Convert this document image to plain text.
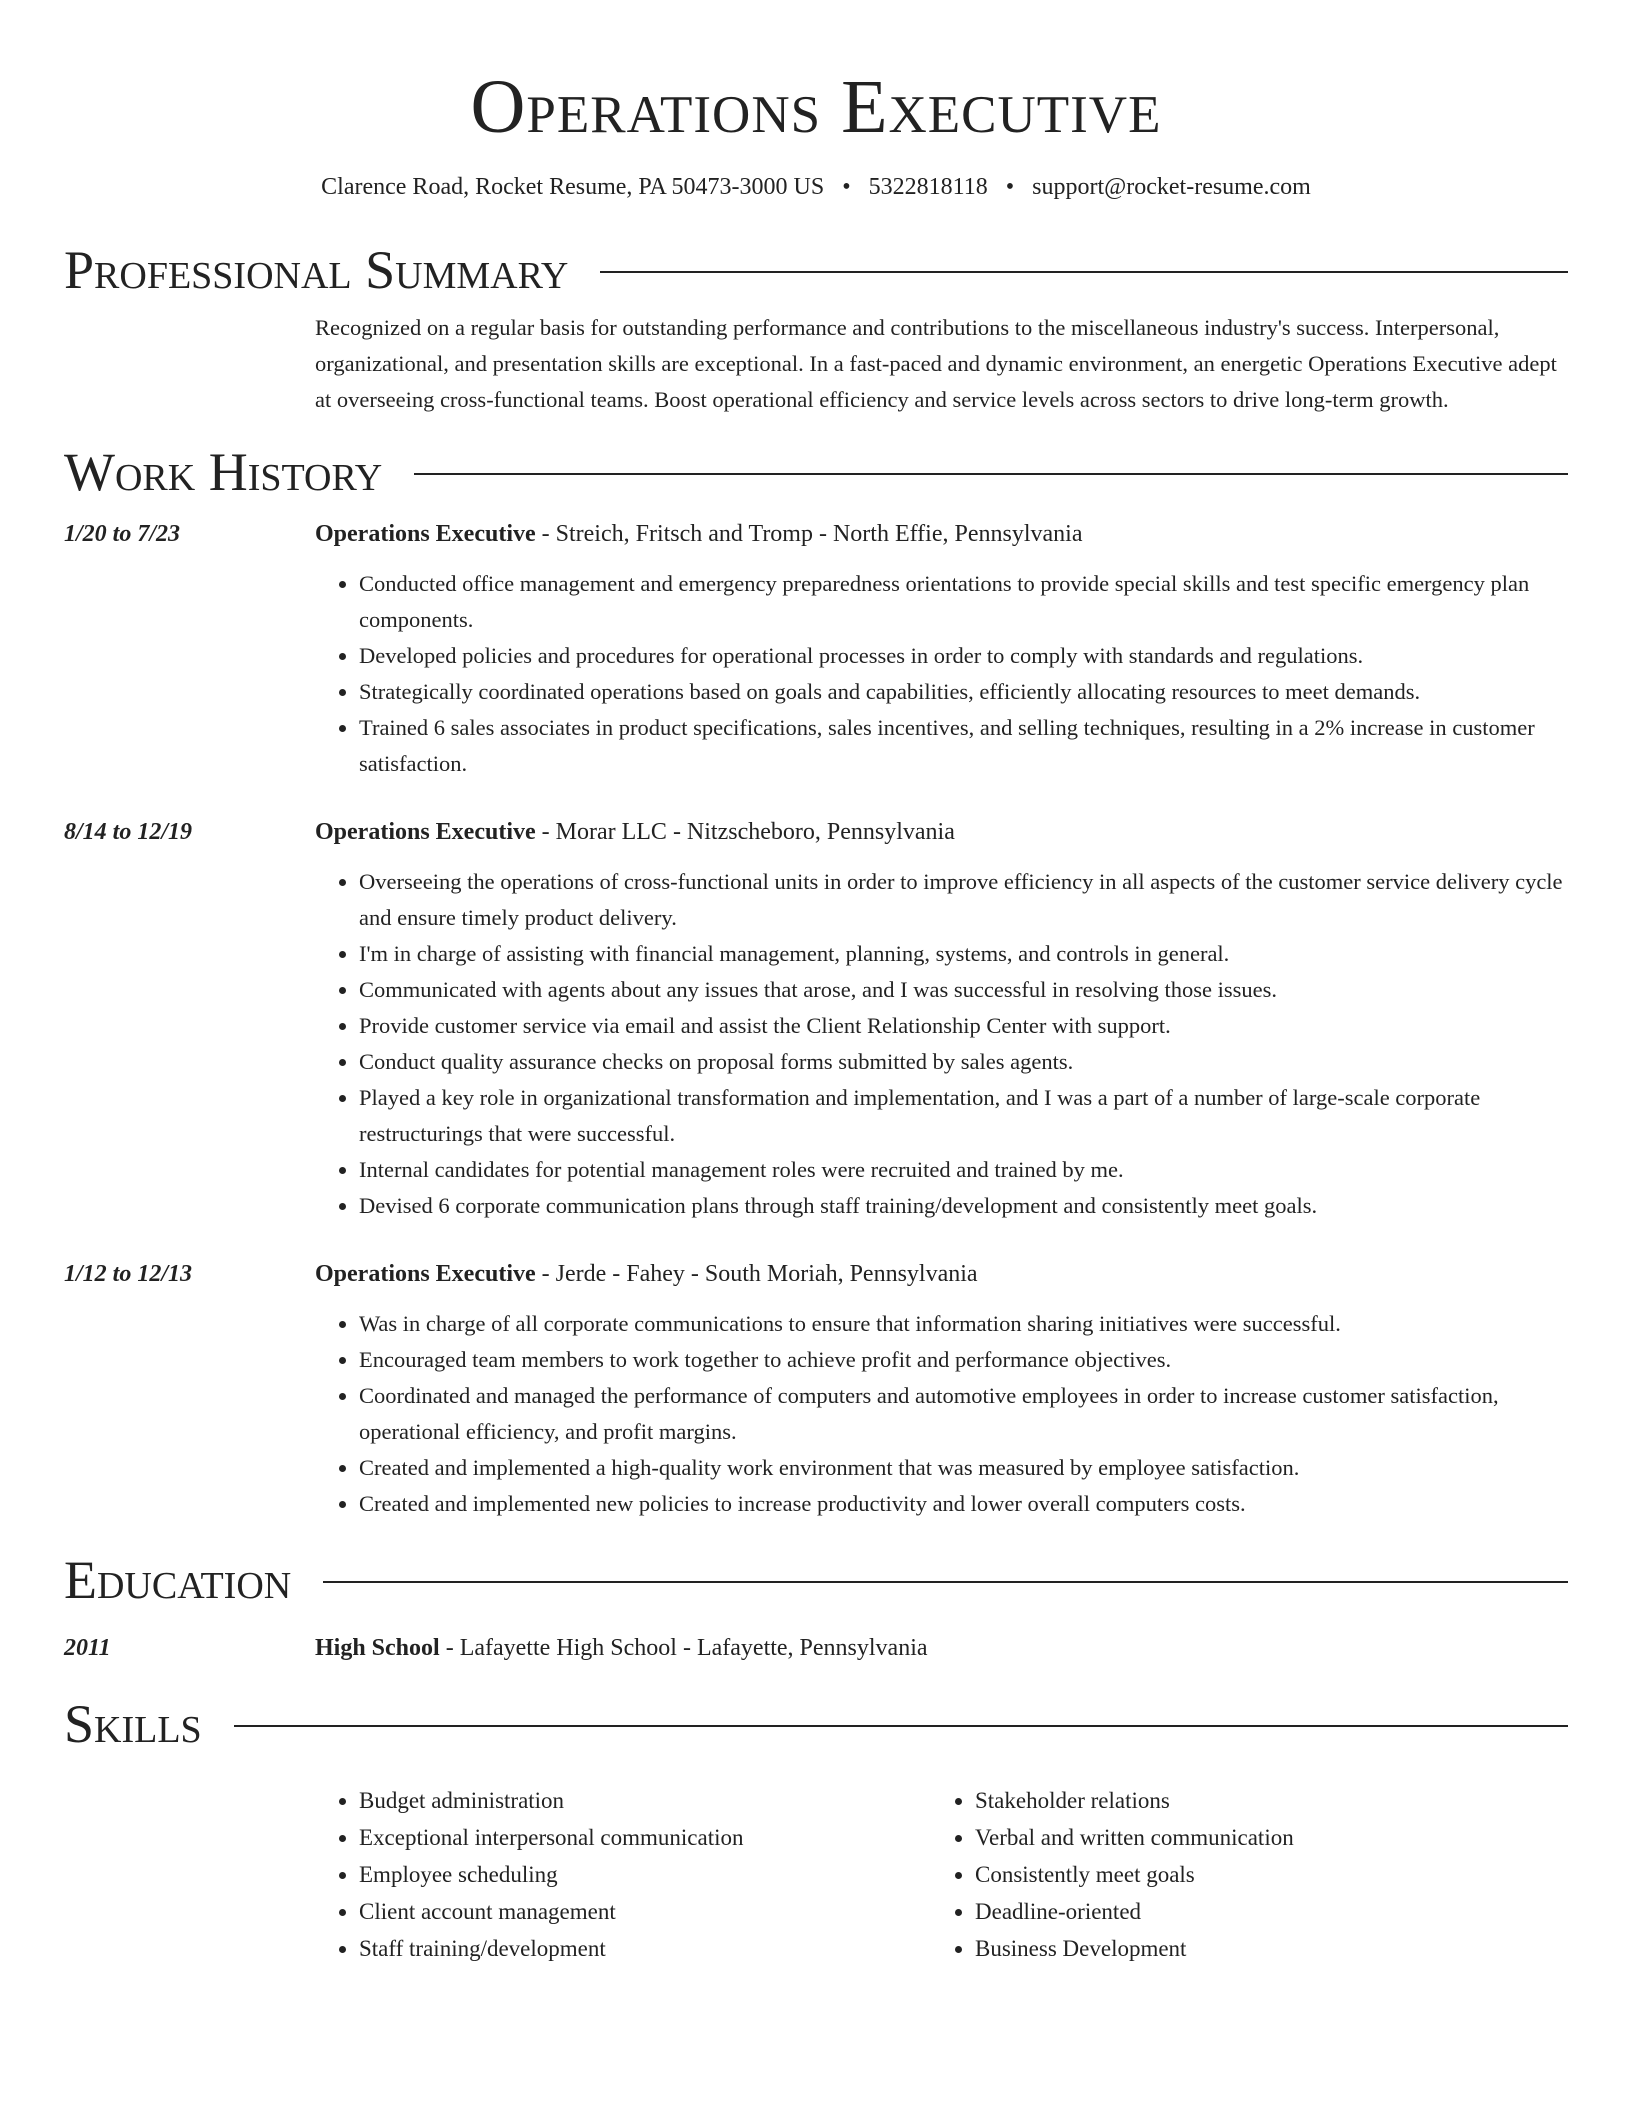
Operations Executive
Clarence Road, Rocket Resume, PA 50473-3000 US • 5322818118 • support@rocket-resume.com
Professional Summary
Recognized on a regular basis for outstanding performance and contributions to the miscellaneous industry's success. Interpersonal, organizational, and presentation skills are exceptional. In a fast-paced and dynamic environment, an energetic Operations Executive adept at overseeing cross-functional teams. Boost operational efficiency and service levels across sectors to drive long-term growth.
Work History
1/20 to 7/23	Operations Executive - Streich, Fritsch and Tromp - North Effie, Pennsylvania
• Conducted office management and emergency preparedness orientations to provide special skills and test specific emergency plan components.
• Developed policies and procedures for operational processes in order to comply with standards and regulations.
• Strategically coordinated operations based on goals and capabilities, efficiently allocating resources to meet demands.
• Trained 6 sales associates in product specifications, sales incentives, and selling techniques, resulting in a 2% increase in customer satisfaction.
8/14 to 12/19	Operations Executive - Morar LLC - Nitzscheboro, Pennsylvania
• Overseeing the operations of cross-functional units in order to improve efficiency in all aspects of the customer service delivery cycle and ensure timely product delivery.
• I'm in charge of assisting with financial management, planning, systems, and controls in general.
• Communicated with agents about any issues that arose, and I was successful in resolving those issues.
• Provide customer service via email and assist the Client Relationship Center with support.
• Conduct quality assurance checks on proposal forms submitted by sales agents.
• Played a key role in organizational transformation and implementation, and I was a part of a number of large-scale corporate restructurings that were successful.
• Internal candidates for potential management roles were recruited and trained by me.
• Devised 6 corporate communication plans through staff training/development and consistently meet goals.
1/12 to 12/13	Operations Executive - Jerde - Fahey - South Moriah, Pennsylvania
• Was in charge of all corporate communications to ensure that information sharing initiatives were successful.
• Encouraged team members to work together to achieve profit and performance objectives.
• Coordinated and managed the performance of computers and automotive employees in order to increase customer satisfaction, operational efficiency, and profit margins.
• Created and implemented a high-quality work environment that was measured by employee satisfaction.
• Created and implemented new policies to increase productivity and lower overall computers costs.
Education
2011	High School - Lafayette High School - Lafayette, Pennsylvania
Skills
• Budget administration
• Exceptional interpersonal communication
• Employee scheduling
• Client account management
• Staff training/development
• Stakeholder relations
• Verbal and written communication
• Consistently meet goals
• Deadline-oriented
• Business Development
